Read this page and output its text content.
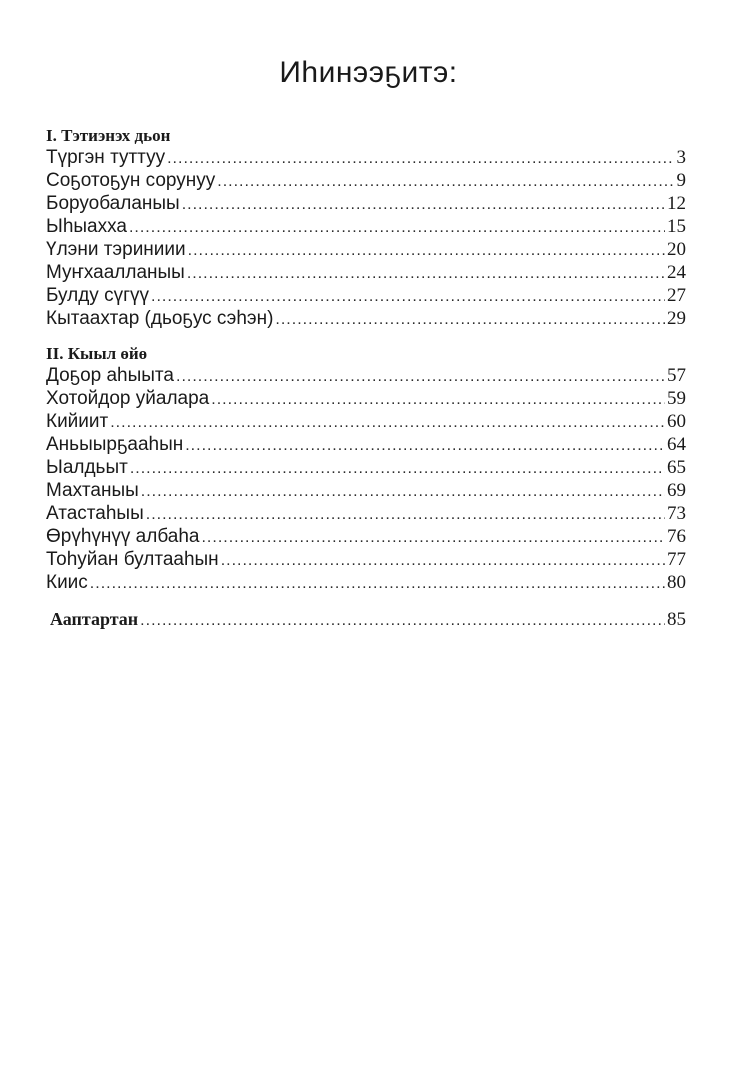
Иһинээҕитэ:
I. Тэтиэнэх дьон
Түргэн туттуу .....	3
Соҕотоҕун сорунуу .....	9
Боруобаланыы .....	12
Ыһыахха .....	15
Үлэни тэриниии .....	20
Муҥхаалланыы .....	24
Булду сүгүү .....	27
Кытаахтар (дьоҕус сэһэн) .....	29
II. Кыыл өйө
Доҕор аһыыта .....	57
Хотойдор уйалара .....	59
Кийиит .....	60
Аньыырҕааһын .....	64
Ыалдьыт .....	65
Махтаныы .....	69
Атастаһыы .....	73
Өрүһүнүү албаһа .....	76
Тоһуйан бултааһын .....	77
Киис .....	80
Ааптартан .....	85
